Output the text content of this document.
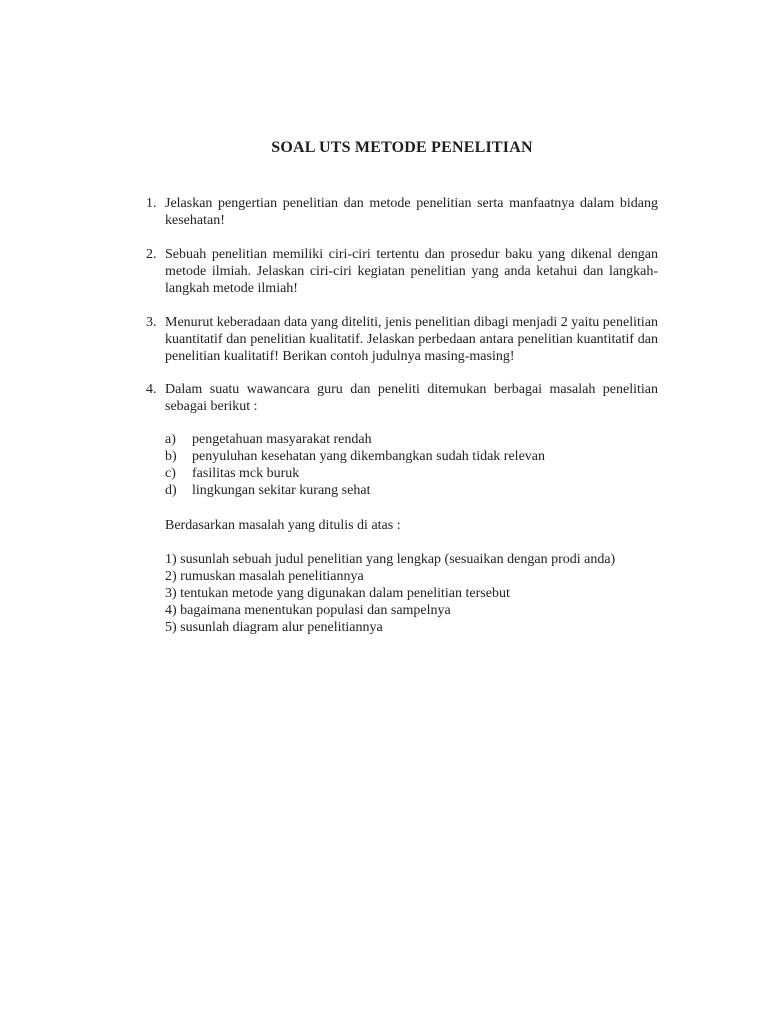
SOAL UTS METODE PENELITIAN
1. Jelaskan pengertian penelitian dan metode penelitian serta manfaatnya dalam bidang kesehatan!
2. Sebuah penelitian memiliki ciri-ciri tertentu dan prosedur baku yang dikenal dengan metode ilmiah. Jelaskan ciri-ciri kegiatan penelitian yang anda ketahui dan langkah-langkah metode ilmiah!
3. Menurut keberadaan data yang diteliti, jenis penelitian dibagi menjadi 2 yaitu penelitian kuantitatif dan penelitian kualitatif. Jelaskan perbedaan antara penelitian kuantitatif dan penelitian kualitatif! Berikan contoh judulnya masing-masing!
4. Dalam suatu wawancara guru dan peneliti ditemukan berbagai masalah penelitian sebagai berikut :
a) pengetahuan masyarakat rendah
b) penyuluhan kesehatan yang dikembangkan sudah tidak relevan
c) fasilitas mck buruk
d) lingkungan sekitar kurang sehat
Berdasarkan masalah yang ditulis di atas :
1) susunlah sebuah judul penelitian yang lengkap (sesuaikan dengan prodi anda)
2) rumuskan masalah penelitiannya
3) tentukan metode yang digunakan dalam penelitian tersebut
4) bagaimana menentukan populasi dan sampelnya
5) susunlah diagram alur penelitiannya
